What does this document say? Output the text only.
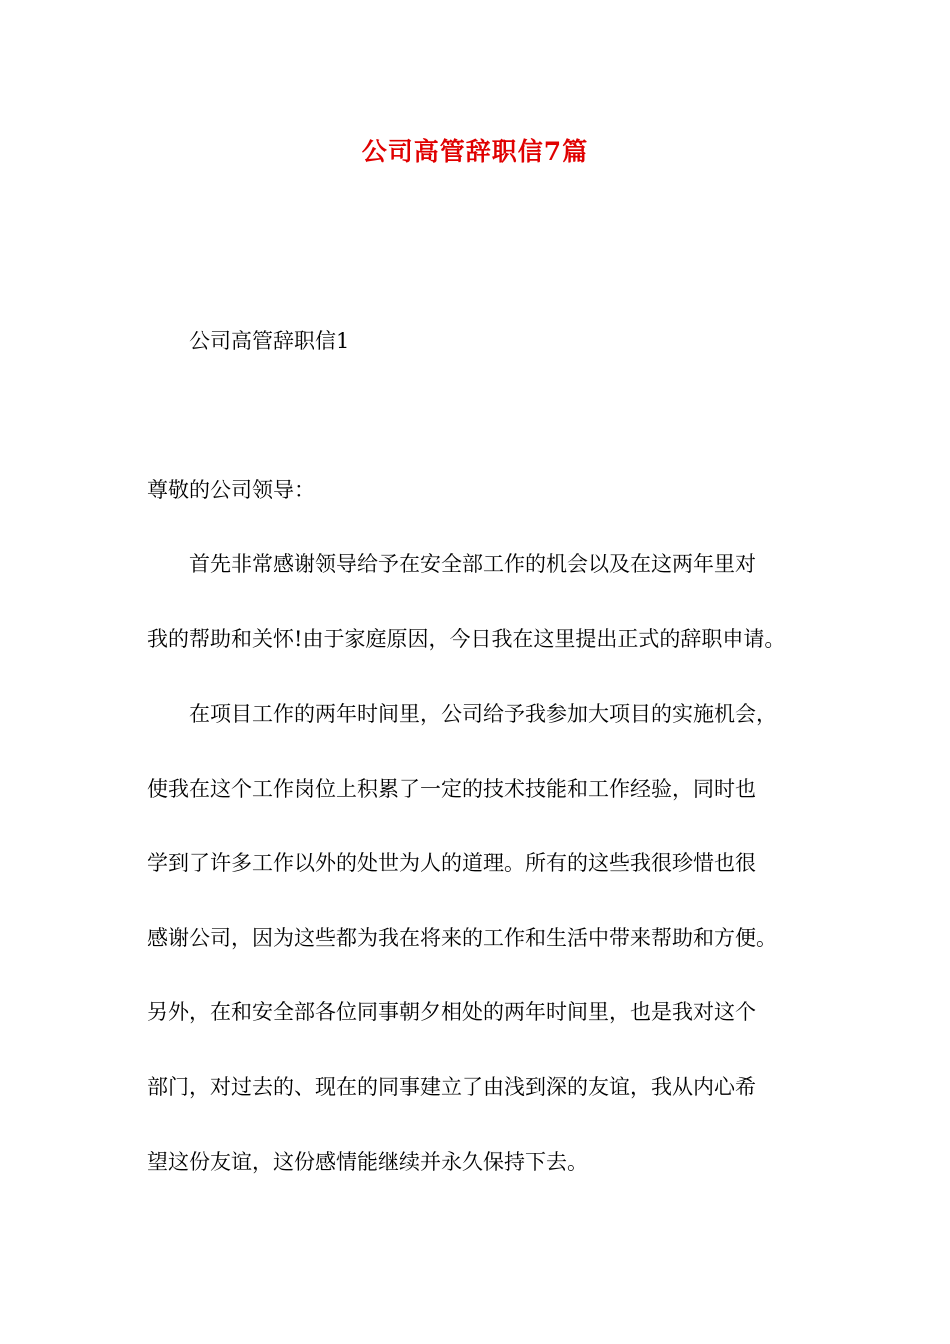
公司高管辞职信7篇

公司高管辞职信1

尊敬的公司领导：

首先非常感谢领导给予在安全部工作的机会以及在这两年里对

我的帮助和关怀!由于家庭原因，今日我在这里提出正式的辞职申请。

在项目工作的两年时间里，公司给予我参加大项目的实施机会，

使我在这个工作岗位上积累了一定的技术技能和工作经验，同时也

学到了许多工作以外的处世为人的道理。所有的这些我很珍惜也很

感谢公司，因为这些都为我在将来的工作和生活中带来帮助和方便。

另外，在和安全部各位同事朝夕相处的两年时间里，也是我对这个

部门，对过去的、现在的同事建立了由浅到深的友谊，我从内心希

望这份友谊，这份感情能继续并永久保持下去。
